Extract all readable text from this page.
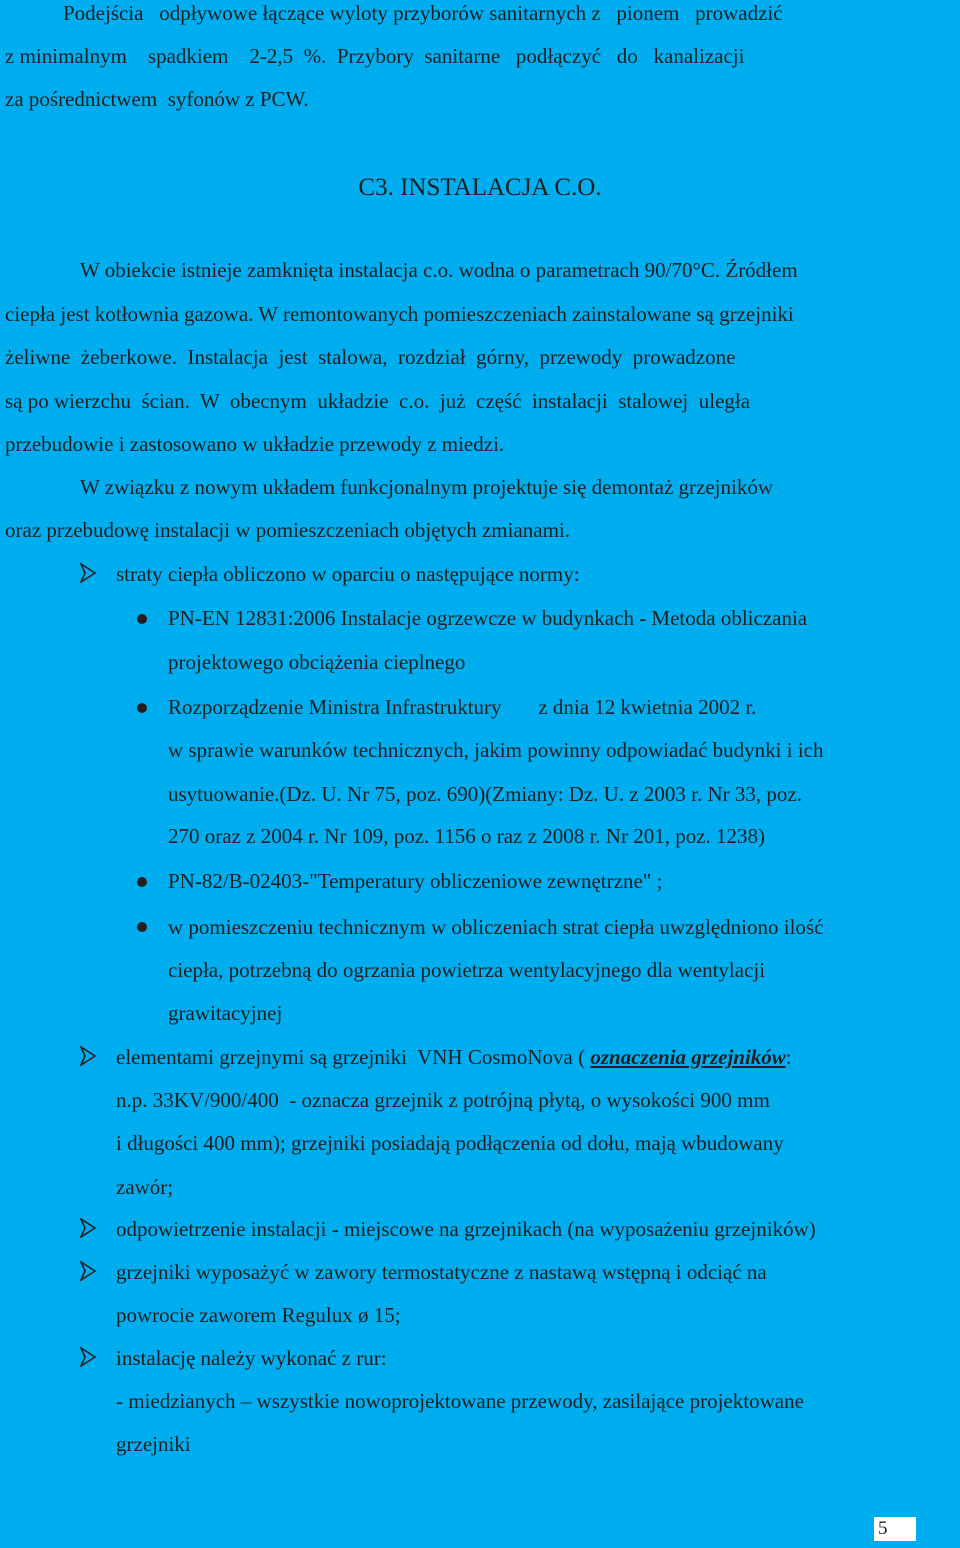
Podejścia   odpływowe łączące wyloty przyborów sanitarnych z   pionem   prowadzić
z minimalnym    spadkiem    2-2,5  %.  Przybory  sanitarne   podłączyć   do   kanalizacji
za pośrednictwem  syfonów z PCW.
C3. INSTALACJA C.O.
W obiekcie istnieje zamknięta instalacja c.o. wodna o parametrach 90/70°C. Źródłem
ciepła jest kotłownia gazowa. W remontowanych pomieszczeniach zainstalowane są grzejniki
żeliwne  żeberkowe.  Instalacja  jest  stalowa,  rozdział  górny,  przewody  prowadzone
są po wierzchu  ścian.  W  obecnym  układzie  c.o.  już  część  instalacji  stalowej  uległa
przebudowie i zastosowano w układzie przewody z miedzi.
W związku z nowym układem funkcjonalnym projektuje się demontaż grzejników
oraz przebudowę instalacji w pomieszczeniach objętych zmianami.
straty ciepła obliczono w oparciu o następujące normy:
PN-EN 12831:2006 Instalacje ogrzewcze w budynkach - Metoda obliczania
projektowego obciążenia cieplnego
Rozporządzenie Ministra Infrastruktury       z dnia 12 kwietnia 2002 r.
w sprawie warunków technicznych, jakim powinny odpowiadać budynki i ich
usytuowanie.(Dz. U. Nr 75, poz. 690)(Zmiany: Dz. U. z 2003 r. Nr 33, poz.
270 oraz z 2004 r. Nr 109, poz. 1156 o raz z 2008 r. Nr 201, poz. 1238)
PN-82/B-02403-"Temperatury obliczeniowe zewnętrzne" ;
w pomieszczeniu technicznym w obliczeniach strat ciepła uwzględniono ilość
ciepła, potrzebną do ogrzania powietrza wentylacyjnego dla wentylacji
grawitacyjnej
elementami grzejnymi są grzejniki  VNH CosmoNova ( oznaczenia grzejników:
n.p. 33KV/900/400  - oznacza grzejnik z potrójną płytą, o wysokości 900 mm
i długości 400 mm); grzejniki posiadają podłączenia od dołu, mają wbudowany
zawór;
odpowietrzenie instalacji - miejscowe na grzejnikach (na wyposażeniu grzejników)
grzejniki wyposażyć w zawory termostatyczne z nastawą wstępną i odciąć na
powrocie zaworem Regulux ø 15;
instalację należy wykonać z rur:
- miedzianych – wszystkie nowoprojektowane przewody, zasilające projektowane
grzejniki
5
